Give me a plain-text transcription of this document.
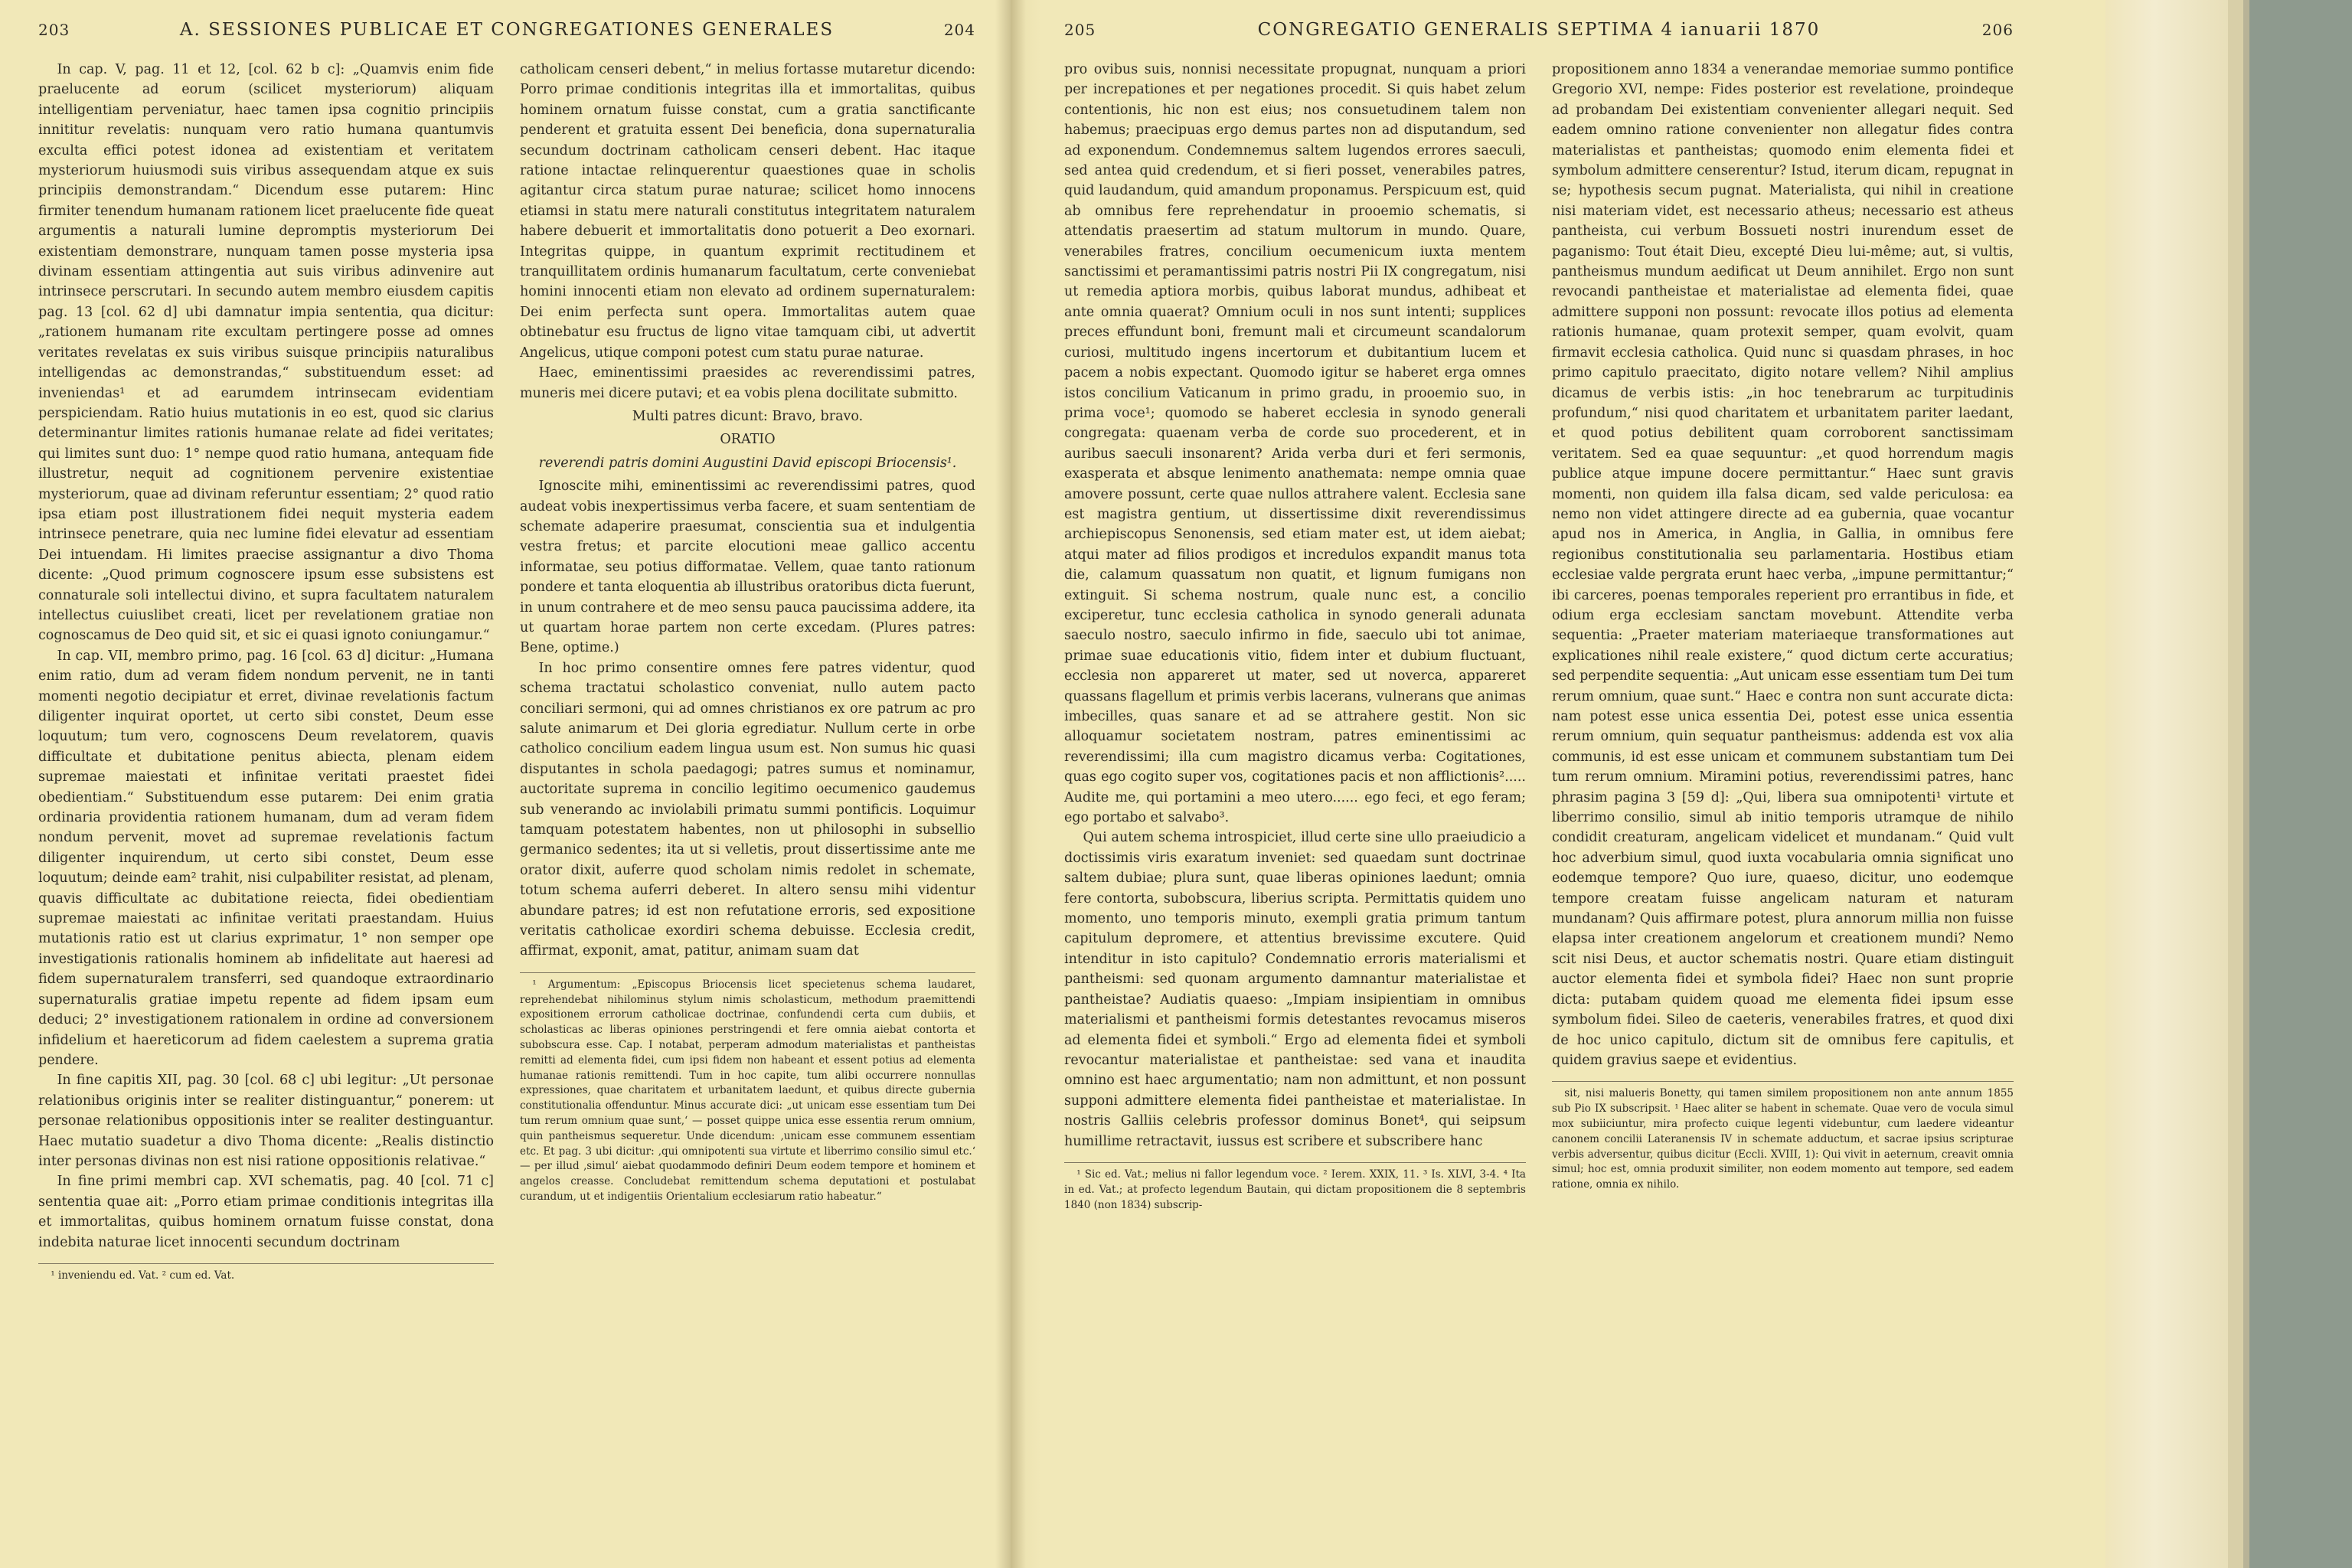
203	A. SESSIONES PUBLICAE ET CONGREGATIONES GENERALES	204

In cap. V, pag. 11 et 12, [col. 62 b c]: „Quamvis enim fide praelucente ad eorum (scilicet mysteriorum) aliquam intelligentiam perveniatur, haec tamen ipsa cognitio principiis innititur revelatis: nunquam vero ratio humana quantumvis exculta effici potest idonea ad existentiam et veritatem mysteriorum huiusmodi suis viribus assequendam atque ex suis principiis demonstrandam.“ Dicendum esse putarem: Hinc firmiter tenendum humanam rationem licet praelucente fide queat argumentis a naturali lumine depromptis mysteriorum Dei existentiam demonstrare, nunquam tamen posse mysteria ipsa divinam essentiam attingentia aut suis viribus adinvenire aut intrinsece perscrutari. In secundo autem membro eiusdem capitis pag. 13 [col. 62 d] ubi damnatur impia sententia, qua dicitur: „rationem humanam rite excultam pertingere posse ad omnes veritates revelatas ex suis viribus suisque principiis naturalibus intelligendas ac demonstrandas,“ substituendum esset: ad inveniendas¹ et ad earumdem intrinsecam evidentiam perspiciendam. Ratio huius mutationis in eo est, quod sic clarius determinantur limites rationis humanae relate ad fidei veritates; qui limites sunt duo: 1° nempe quod ratio humana, antequam fide illustretur, nequit ad cognitionem pervenire existentiae mysteriorum, quae ad divinam referuntur essentiam; 2° quod ratio ipsa etiam post illustrationem fidei nequit mysteria eadem intrinsece penetrare, quia nec lumine fidei elevatur ad essentiam Dei intuendam. Hi limites praecise assignantur a divo Thoma dicente: „Quod primum cognoscere ipsum esse subsistens est connaturale soli intellectui divino, et supra facultatem naturalem intellectus cuiuslibet creati, licet per revelationem gratiae non cognoscamus de Deo quid sit, et sic ei quasi ignoto coniungamur.“

In cap. VII, membro primo, pag. 16 [col. 63 d] dicitur: „Humana enim ratio, dum ad veram fidem nondum pervenit, ne in tanti momenti negotio decipiatur et erret, divinae revelationis factum diligenter inquirat oportet, ut certo sibi constet, Deum esse loquutum; tum vero, cognoscens Deum revelatorem, quavis difficultate et dubitatione penitus abiecta, plenam eidem supremae maiestati et infinitae veritati praestet fidei obedientiam.“ Substituendum esse putarem: Dei enim gratia ordinaria providentia rationem humanam, dum ad veram fidem nondum pervenit, movet ad supremae revelationis factum diligenter inquirendum, ut certo sibi constet, Deum esse loquutum; deinde eam² trahit, nisi culpabiliter resistat, ad plenam, quavis difficultate ac dubitatione reiecta, fidei obedientiam supremae maiestati ac infinitae veritati praestandam. Huius mutationis ratio est ut clarius exprimatur, 1° non semper ope investigationis rationalis hominem ab infidelitate aut haeresi ad fidem supernaturalem transferri, sed quandoque extraordinario supernaturalis gratiae impetu repente ad fidem ipsam eum deduci; 2° investigationem rationalem in ordine ad conversionem infidelium et haereticorum ad fidem caelestem a suprema gratia pendere.

In fine capitis XII, pag. 30 [col. 68 c] ubi legitur: „Ut personae relationibus originis inter se realiter distinguantur,“ ponerem: ut personae relationibus oppositionis inter se realiter destinguantur. Haec mutatio suadetur a divo Thoma dicente: „Realis distinctio inter personas divinas non est nisi ratione oppositionis relativae.“

In fine primi membri cap. XVI schematis, pag. 40 [col. 71 c] sententia quae ait: „Porro etiam primae conditionis integritas illa et immortalitas, quibus hominem ornatum fuisse constat, dona indebita naturae licet innocenti secundum doctrinam

¹ inveniendu ed. Vat. ² cum ed. Vat.

catholicam censeri debent,“ in melius fortasse mutaretur dicendo: Porro primae conditionis integritas illa et immortalitas, quibus hominem ornatum fuisse constat, cum a gratia sanctificante penderent et gratuita essent Dei beneficia, dona supernaturalia secundum doctrinam catholicam censeri debent. Hac itaque ratione intactae relinquerentur quaestiones quae in scholis agitantur circa statum purae naturae; scilicet homo innocens etiamsi in statu mere naturali constitutus integritatem naturalem habere debuerit et immortalitatis dono potuerit a Deo exornari. Integritas quippe, in quantum exprimit rectitudinem et tranquillitatem ordinis humanarum facultatum, certe conveniebat homini innocenti etiam non elevato ad ordinem supernaturalem: Dei enim perfecta sunt opera. Immortalitas autem quae obtinebatur esu fructus de ligno vitae tamquam cibi, ut advertit Angelicus, utique componi potest cum statu purae naturae.

Haec, eminentissimi praesides ac reverendissimi patres, muneris mei dicere putavi; et ea vobis plena docilitate submitto.

Multi patres dicunt: Bravo, bravo.

ORATIO

reverendi patris domini Augustini David episcopi Briocensis¹.

Ignoscite mihi, eminentissimi ac reverendissimi patres, quod audeat vobis inexpertissimus verba facere, et suam sententiam de schemate adaperire praesumat, conscientia sua et indulgentia vestra fretus; et parcite elocutioni meae gallico accentu informatae, seu potius difformatae. Vellem, quae tanto rationum pondere et tanta eloquentia ab illustribus oratoribus dicta fuerunt, in unum contrahere et de meo sensu pauca paucissima addere, ita ut quartam horae partem non certe excedam. (Plures patres: Bene, optime.)

In hoc primo consentire omnes fere patres videntur, quod schema tractatui scholastico conveniat, nullo autem pacto conciliari sermoni, qui ad omnes christianos ex ore patrum ac pro salute animarum et Dei gloria egrediatur. Nullum certe in orbe catholico concilium eadem lingua usum est. Non sumus hic quasi disputantes in schola paedagogi; patres sumus et nominamur, auctoritate suprema in concilio legitimo oecumenico gaudemus sub venerando ac inviolabili primatu summi pontificis. Loquimur tamquam potestatem habentes, non ut philosophi in subsellio germanico sedentes; ita ut si velletis, prout dissertissime ante me orator dixit, auferre quod scholam nimis redolet in schemate, totum schema auferri deberet. In altero sensu mihi videntur abundare patres; id est non refutatione erroris, sed expositione veritatis catholicae exordiri schema debuisse. Ecclesia credit, affirmat, exponit, amat, patitur, animam suam dat

¹ Argumentum: „Episcopus Briocensis licet specietenus schema laudaret, reprehendebat nihilominus stylum nimis scholasticum, methodum praemittendi expositionem errorum catholicae doctrinae, confundendi certa cum dubiis, et scholasticas ac liberas opiniones perstringendi et fere omnia aiebat contorta et subobscura esse. Cap. I notabat, perperam admodum materialistas et pantheistas remitti ad elementa fidei, cum ipsi fidem non habeant et essent potius ad elementa humanae rationis remittendi. Tum in hoc capite, tum alibi occurrere nonnullas expressiones, quae charitatem et urbanitatem laedunt, et quibus directe gubernia constitutionalia offenduntur. Minus accurate dici: „ut unicam esse essentiam tum Dei tum rerum omnium quae sunt,‘ — posset quippe unica esse essentia rerum omnium, quin pantheismus sequeretur. Unde dicendum: ‚unicam esse communem essentiam etc. Et pag. 3 ubi dicitur: ‚qui omnipotenti sua virtute et liberrimo consilio simul etc.‘ — per illud ‚simul‘ aiebat quodammodo definiri Deum eodem tempore et hominem et angelos creasse. Concludebat remittendum schema deputationi et postulabat curandum, ut et indigentiis Orientalium ecclesiarum ratio habeatur.“

205	CONGREGATIO GENERALIS SEPTIMA 4 ianuarii 1870	206

pro ovibus suis, nonnisi necessitate propugnat, nunquam a priori per increpationes et per negationes procedit. Si quis habet zelum contentionis, hic non est eius; nos consuetudinem talem non habemus; praecipuas ergo demus partes non ad disputandum, sed ad exponendum. Condemnemus saltem lugendos errores saeculi, sed antea quid credendum, et si fieri posset, venerabiles patres, quid laudandum, quid amandum proponamus. Perspicuum est, quid ab omnibus fere reprehendatur in prooemio schematis, si attendatis praesertim ad statum multorum in mundo. Quare, venerabiles fratres, concilium oecumenicum iuxta mentem sanctissimi et peramantissimi patris nostri Pii IX congregatum, nisi ut remedia aptiora morbis, quibus laborat mundus, adhibeat et ante omnia quaerat? Omnium oculi in nos sunt intenti; supplices preces effundunt boni, fremunt mali et circumeunt scandalorum curiosi, multitudo ingens incertorum et dubitantium lucem et pacem a nobis expectant. Quomodo igitur se haberet erga omnes istos concilium Vaticanum in primo gradu, in prooemio suo, in prima voce¹; quomodo se haberet ecclesia in synodo generali congregata: quaenam verba de corde suo procederent, et in auribus saeculi insonarent? Arida verba duri et feri sermonis, exasperata et absque lenimento anathemata: nempe omnia quae amovere possunt, certe quae nullos attrahere valent. Ecclesia sane est magistra gentium, ut dissertissime dixit reverendissimus archiepiscopus Senonensis, sed etiam mater est, ut idem aiebat; atqui mater ad filios prodigos et incredulos expandit manus tota die, calamum quassatum non quatit, et lignum fumigans non extinguit. Si schema nostrum, quale nunc est, a concilio exciperetur, tunc ecclesia catholica in synodo generali adunata saeculo nostro, saeculo infirmo in fide, saeculo ubi tot animae, primae suae educationis vitio, fidem inter et dubium fluctuant, ecclesia non appareret ut mater, sed ut noverca, appareret quassans flagellum et primis verbis lacerans, vulnerans que animas imbecilles, quas sanare et ad se attrahere gestit. Non sic alloquamur societatem nostram, patres eminentissimi ac reverendissimi; illa cum magistro dicamus verba: Cogitationes, quas ego cogito super vos, cogitationes pacis et non afflictionis²..... Audite me, qui portamini a meo utero...... ego feci, et ego feram; ego portabo et salvabo³.

Qui autem schema introspiciet, illud certe sine ullo praeiudicio a doctissimis viris exaratum inveniet: sed quaedam sunt doctrinae saltem dubiae; plura sunt, quae liberas opiniones laedunt; omnia fere contorta, subobscura, liberius scripta. Permittatis quidem uno momento, uno temporis minuto, exempli gratia primum tantum capitulum depromere, et attentius brevissime excutere. Quid intenditur in isto capitulo? Condemnatio erroris materialismi et pantheismi: sed quonam argumento damnantur materialistae et pantheistae? Audiatis quaeso: „Impiam insipientiam in omnibus materialismi et pantheismi formis detestantes revocamus miseros ad elementa fidei et symboli.“ Ergo ad elementa fidei et symboli revocantur materialistae et pantheistae: sed vana et inaudita omnino est haec argumentatio; nam non admittunt, et non possunt supponi admittere elementa fidei pantheistae et materialistae. In nostris Galliis celebris professor dominus Bonet⁴, qui seipsum humillime retractavit, iussus est scribere et subscribere hanc

¹ Sic ed. Vat.; melius ni fallor legendum voce. ² Ierem. XXIX, 11. ³ Is. XLVI, 3-4. ⁴ Ita in ed. Vat.; at profecto legendum Bautain, qui dictam propositionem die 8 septembris 1840 (non 1834) subscrip-

propositionem anno 1834 a venerandae memoriae summo pontifice Gregorio XVI, nempe: Fides posterior est revelatione, proindeque ad probandam Dei existentiam convenienter allegari nequit. Sed eadem omnino ratione convenienter non allegatur fides contra materialistas et pantheistas; quomodo enim elementa fidei et symbolum admittere censerentur? Istud, iterum dicam, repugnat in se; hypothesis secum pugnat. Materialista, qui nihil in creatione nisi materiam videt, est necessario atheus; necessario est atheus pantheista, cui verbum Bossueti nostri inurendum esset de paganismo: Tout était Dieu, excepté Dieu lui-même; aut, si vultis, pantheismus mundum aedificat ut Deum annihilet. Ergo non sunt revocandi pantheistae et materialistae ad elementa fidei, quae admittere supponi non possunt: revocate illos potius ad elementa rationis humanae, quam protexit semper, quam evolvit, quam firmavit ecclesia catholica. Quid nunc si quasdam phrases, in hoc primo capitulo praecitato, digito notare vellem? Nihil amplius dicamus de verbis istis: „in hoc tenebrarum ac turpitudinis profundum,“ nisi quod charitatem et urbanitatem pariter laedant, et quod potius debilitent quam corroborent sanctissimam veritatem. Sed ea quae sequuntur: „et quod horrendum magis publice atque impune docere permittantur.“ Haec sunt gravis momenti, non quidem illa falsa dicam, sed valde periculosa: ea nemo non videt attingere directe ad ea gubernia, quae vocantur apud nos in America, in Anglia, in Gallia, in omnibus fere regionibus constitutionalia seu parlamentaria. Hostibus etiam ecclesiae valde pergrata erunt haec verba, „impune permittantur;“ ibi carceres, poenas temporales reperient pro errantibus in fide, et odium erga ecclesiam sanctam movebunt. Attendite verba sequentia: „Praeter materiam materiaeque transformationes aut explicationes nihil reale existere,“ quod dictum certe accuratius; sed perpendite sequentia: „Aut unicam esse essentiam tum Dei tum rerum omnium, quae sunt.“ Haec e contra non sunt accurate dicta: nam potest esse unica essentia Dei, potest esse unica essentia rerum omnium, quin sequatur pantheismus: addenda est vox alia communis, id est esse unicam et communem substantiam tum Dei tum rerum omnium. Miramini potius, reverendissimi patres, hanc phrasim pagina 3 [59 d]: „Qui, libera sua omnipotenti¹ virtute et liberrimo consilio, simul ab initio temporis utramque de nihilo condidit creaturam, angelicam videlicet et mundanam.“ Quid vult hoc adverbium simul, quod iuxta vocabularia omnia significat uno eodemque tempore? Quo iure, quaeso, dicitur, uno eodemque tempore creatam fuisse angelicam naturam et naturam mundanam? Quis affirmare potest, plura annorum millia non fuisse elapsa inter creationem angelorum et creationem mundi? Nemo scit nisi Deus, et auctor schematis nostri. Quare etiam distinguit auctor elementa fidei et symbola fidei? Haec non sunt proprie dicta: putabam quidem quoad me elementa fidei ipsum esse symbolum fidei. Sileo de caeteris, venerabiles fratres, et quod dixi de hoc unico capitulo, dictum sit de omnibus fere capitulis, et quidem gravius saepe et evidentius.

sit, nisi malueris Bonetty, qui tamen similem propositionem non ante annum 1855 sub Pio IX subscripsit. ¹ Haec aliter se habent in schemate. Quae vero de vocula simul mox subiiciuntur, mira profecto cuique legenti videbuntur, cum laedere videantur canonem concilii Lateranensis IV in schemate adductum, et sacrae ipsius scripturae verbis adversentur, quibus dicitur (Eccli. XVIII, 1): Qui vivit in aeternum, creavit omnia simul; hoc est, omnia produxit similiter, non eodem momento aut tempore, sed eadem ratione, omnia ex nihilo.
